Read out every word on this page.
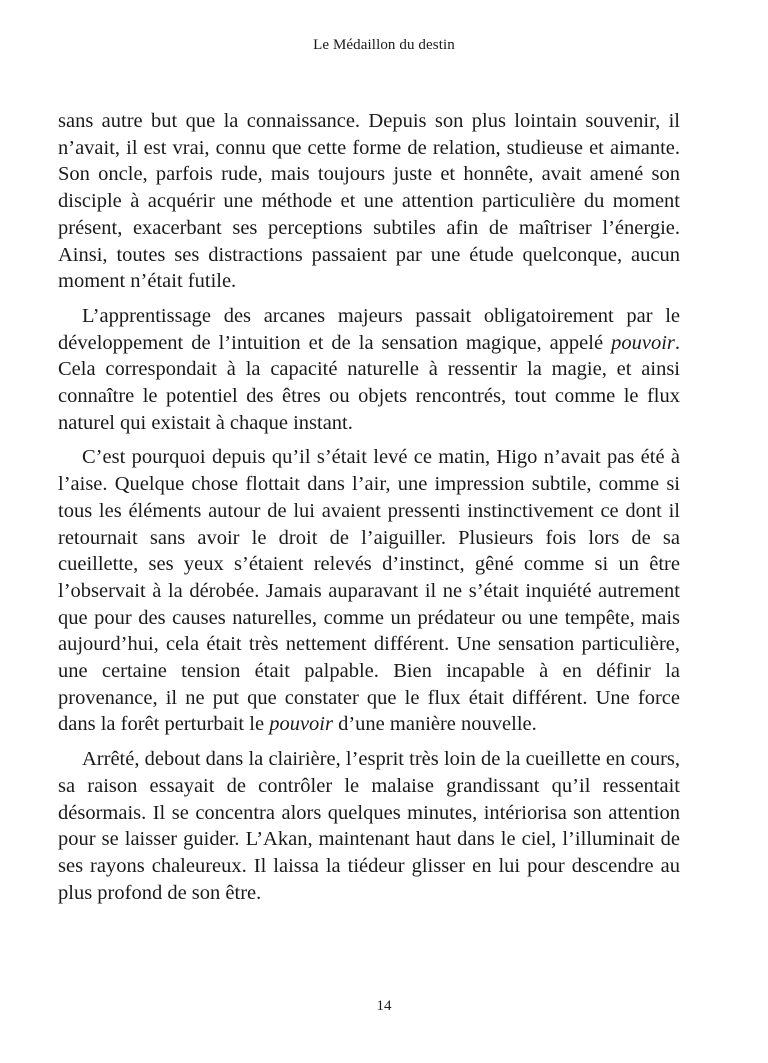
Le Médaillon du destin

sans autre but que la connaissance. Depuis son plus lointain souvenir, il n’avait, il est vrai, connu que cette forme de relation, studieuse et aimante. Son oncle, parfois rude, mais toujours juste et honnête, avait amené son disciple à acquérir une méthode et une attention particulière du moment présent, exacerbant ses perceptions subtiles afin de maîtriser l’énergie. Ainsi, toutes ses distractions passaient par une étude quelconque, aucun moment n’était futile.

L’apprentissage des arcanes majeurs passait obligatoirement par le développement de l’intuition et de la sensation magique, appelé pouvoir. Cela correspondait à la capacité naturelle à ressentir la magie, et ainsi connaître le potentiel des êtres ou objets rencontrés, tout comme le flux naturel qui existait à chaque instant.

C’est pourquoi depuis qu’il s’était levé ce matin, Higo n’avait pas été à l’aise. Quelque chose flottait dans l’air, une impression subtile, comme si tous les éléments autour de lui avaient pressenti instinctivement ce dont il retournait sans avoir le droit de l’aiguiller. Plusieurs fois lors de sa cueillette, ses yeux s’étaient relevés d’instinct, gêné comme si un être l’observait à la dérobée. Jamais auparavant il ne s’était inquiété autrement que pour des causes naturelles, comme un prédateur ou une tempête, mais aujourd’hui, cela était très nettement différent. Une sensation particulière, une certaine tension était palpable. Bien incapable à en définir la provenance, il ne put que constater que le flux était différent. Une force dans la forêt perturbait le pouvoir d’une manière nouvelle.

Arrêté, debout dans la clairière, l’esprit très loin de la cueillette en cours, sa raison essayait de contrôler le malaise grandissant qu’il ressentait désormais. Il se concentra alors quelques minutes, intériorisa son attention pour se laisser guider. L’Akan, maintenant haut dans le ciel, l’illuminait de ses rayons chaleureux. Il laissa la tiédeur glisser en lui pour descendre au plus profond de son être.

14
